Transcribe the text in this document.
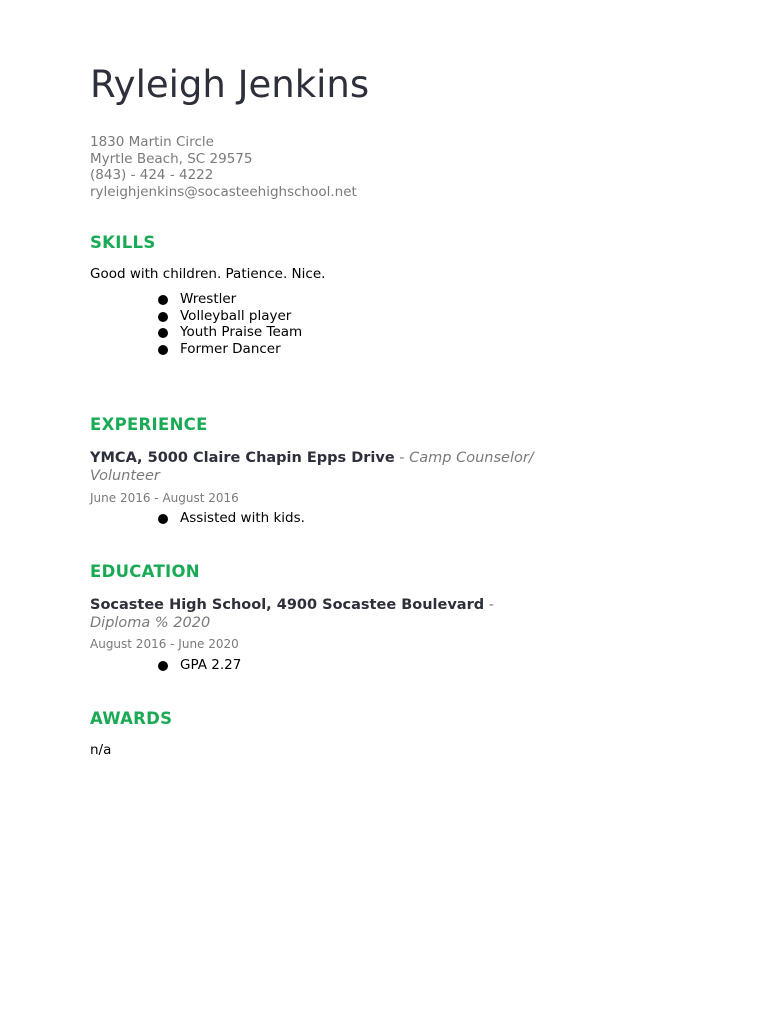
Ryleigh Jenkins
1830 Martin Circle
Myrtle Beach, SC 29575
(843) - 424 - 4222
ryleighjenkins@socasteehighschool.net
SKILLS
Good with children. Patience. Nice.
Wrestler
Volleyball player
Youth Praise Team
Former Dancer
EXPERIENCE
YMCA, 5000 Claire Chapin Epps Drive - Camp Counselor/ Volunteer
June 2016 - August 2016
Assisted with kids.
EDUCATION
Socastee High School, 4900 Socastee Boulevard -
Diploma % 2020
August 2016 - June 2020
GPA 2.27
AWARDS
n/a
